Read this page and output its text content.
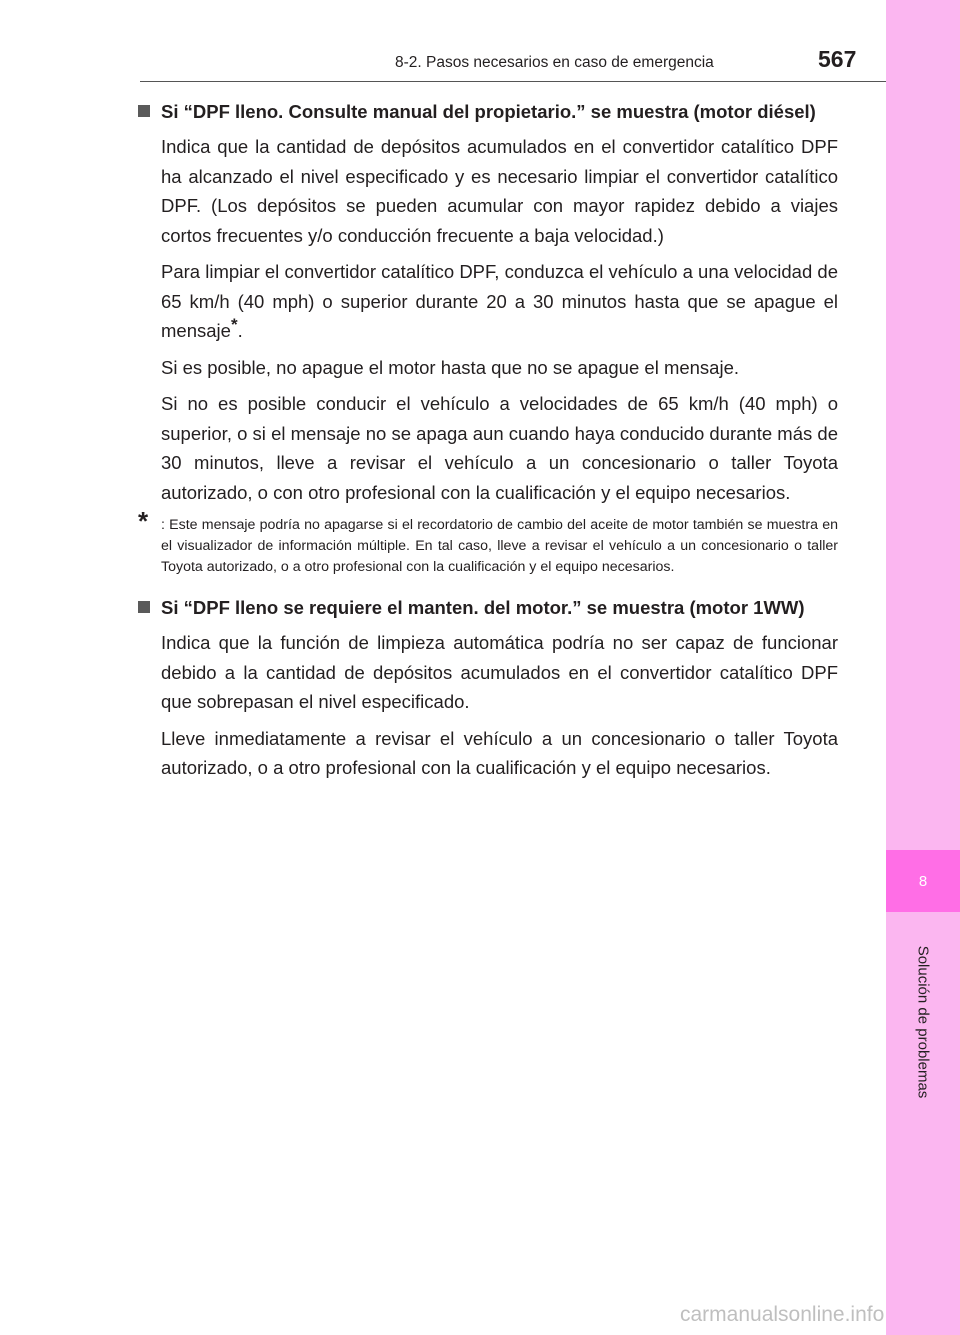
8-2. Pasos necesarios en caso de emergencia	567
8
Solución de problemas
Si “DPF lleno. Consulte manual del propietario.” se muestra (motor diésel)

Indica que la cantidad de depósitos acumulados en el convertidor catalítico DPF ha alcanzado el nivel especificado y es necesario limpiar el convertidor catalítico DPF. (Los depósitos se pueden acumular con mayor rapidez debido a viajes cortos frecuentes y/o conducción frecuente a baja velocidad.)

Para limpiar el convertidor catalítico DPF, conduzca el vehículo a una velocidad de 65 km/h (40 mph) o superior durante 20 a 30 minutos hasta que se apague el mensaje*.

Si es posible, no apague el motor hasta que no se apague el mensaje.

Si no es posible conducir el vehículo a velocidades de 65 km/h (40 mph) o superior, o si el mensaje no se apaga aun cuando haya conducido durante más de 30 minutos, lleve a revisar el vehículo a un concesionario o taller Toyota autorizado, o con otro profesional con la cualificación y el equipo necesarios.

* : Este mensaje podría no apagarse si el recordatorio de cambio del aceite de motor también se muestra en el visualizador de información múltiple. En tal caso, lleve a revisar el vehículo a un concesionario o taller Toyota autorizado, o a otro profesional con la cualificación y el equipo necesarios.
Si “DPF lleno se requiere el manten. del motor.” se muestra (motor 1WW)

Indica que la función de limpieza automática podría no ser capaz de funcionar debido a la cantidad de depósitos acumulados en el convertidor catalítico DPF que sobrepasan el nivel especificado.

Lleve inmediatamente a revisar el vehículo a un concesionario o taller Toyota autorizado, o a otro profesional con la cualificación y el equipo necesarios.

carmanualsonline.info
